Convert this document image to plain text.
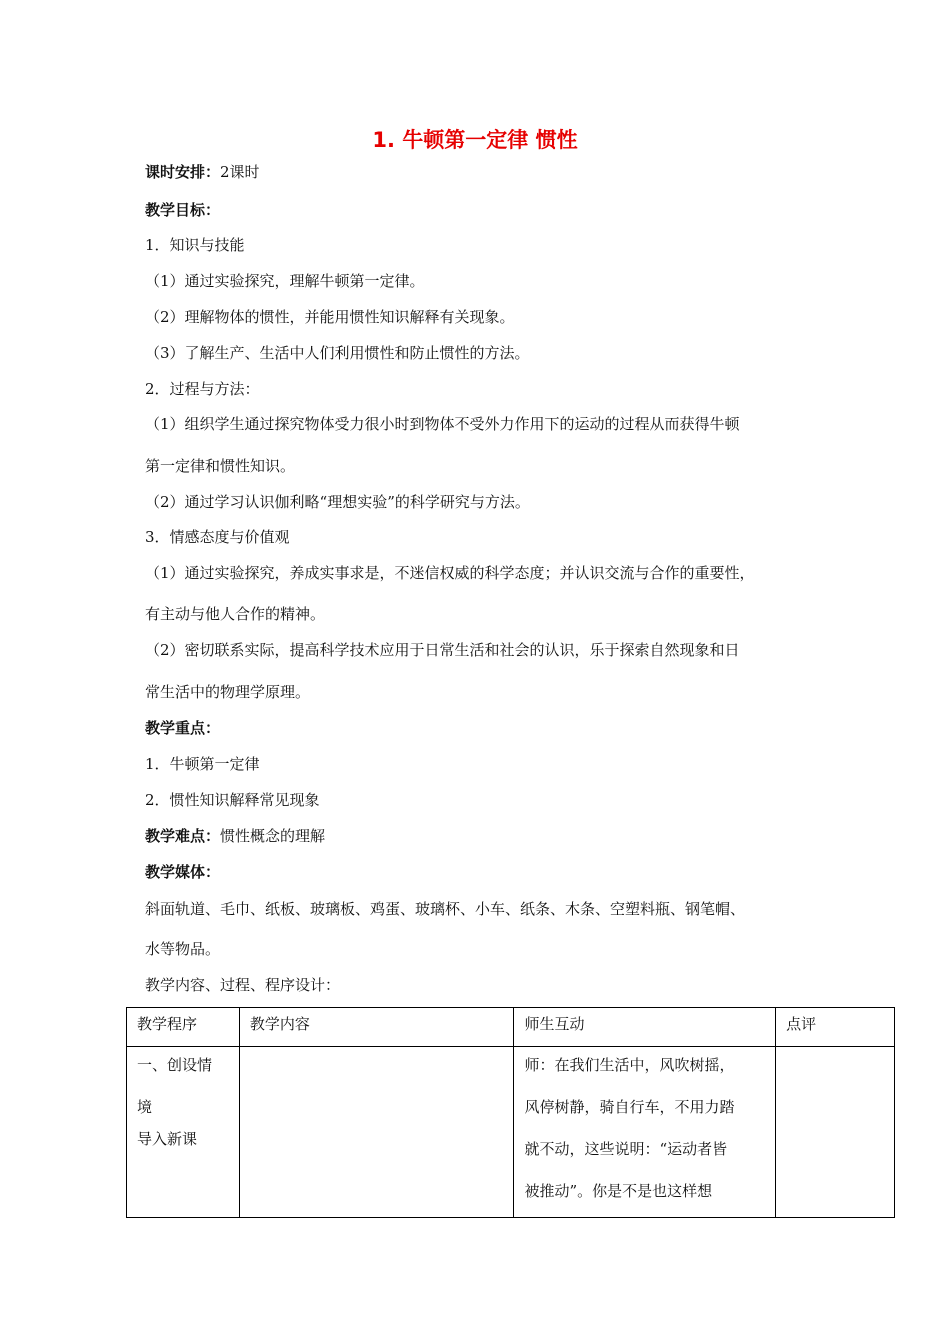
1. 牛顿第一定律 惯性
课时安排：2课时
教学目标：
1．知识与技能
（1）通过实验探究，理解牛顿第一定律。
（2）理解物体的惯性，并能用惯性知识解释有关现象。
（3）了解生产、生活中人们利用惯性和防止惯性的方法。
2．过程与方法：
（1）组织学生通过探究物体受力很小时到物体不受外力作用下的运动的过程从而获得牛顿
第一定律和惯性知识。
（2）通过学习认识伽利略“理想实验”的科学研究与方法。
3．情感态度与价值观
（1）通过实验探究，养成实事求是，不迷信权威的科学态度；并认识交流与合作的重要性，
有主动与他人合作的精神。
（2）密切联系实际，提高科学技术应用于日常生活和社会的认识，乐于探索自然现象和日
常生活中的物理学原理。
教学重点：
1．牛顿第一定律
2．惯性知识解释常见现象
教学难点：惯性概念的理解
教学媒体：
斜面轨道、毛巾、纸板、玻璃板、鸡蛋、玻璃杯、小车、纸条、木条、空塑料瓶、钢笔帽、
水等物品。
教学内容、过程、程序设计：
教学程序	教学内容	师生互动	点评

一、创设情
境
导入新课		师：在我们生活中，风吹树摇，
风停树静，骑自行车，不用力踏
就不动，这些说明：“运动者皆
被推动”。你是不是也这样想	
